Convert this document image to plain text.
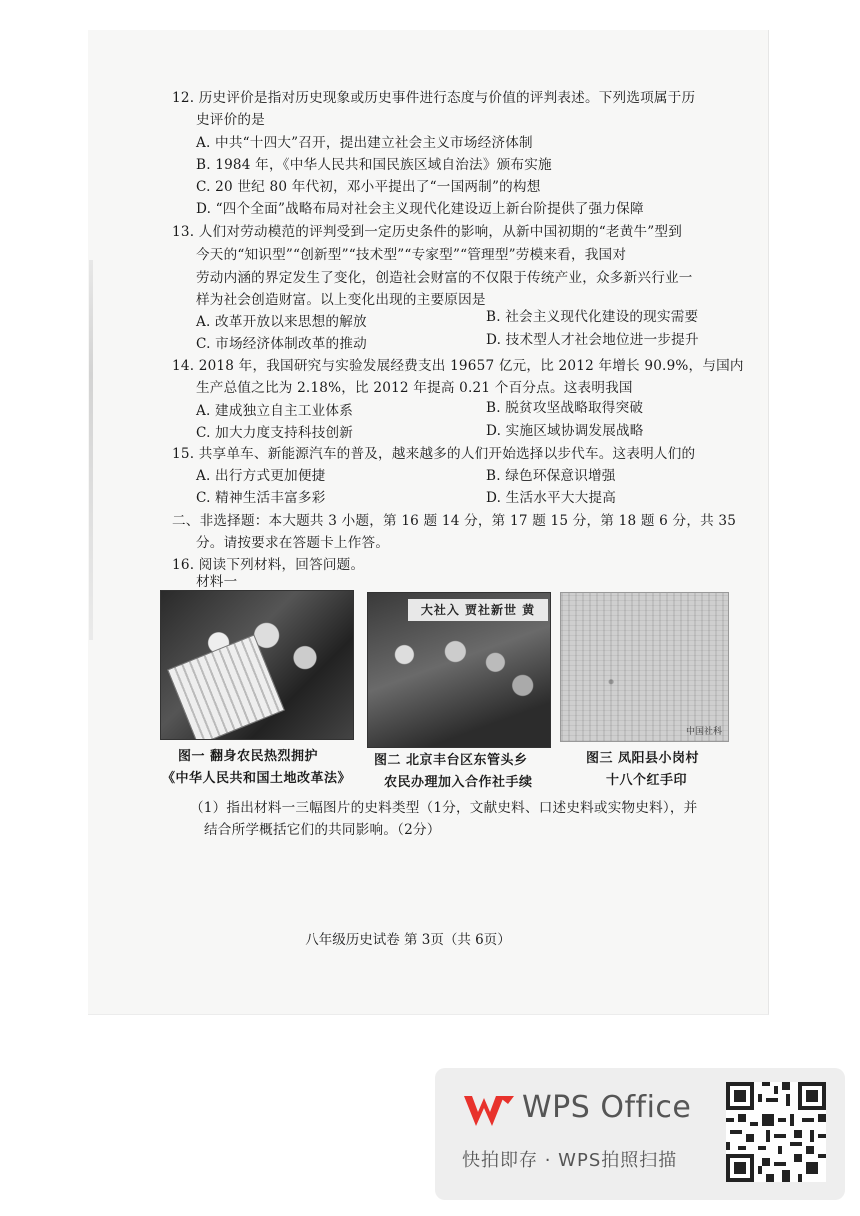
12. 历史评价是指对历史现象或历史事件进行态度与价值的评判表述。下列选项属于历
史评价的是
A. 中共“十四大”召开，提出建立社会主义市场经济体制
B. 1984 年，《中华人民共和国民族区域自治法》颁布实施
C. 20 世纪 80 年代初，邓小平提出了“一国两制”的构想
D. “四个全面”战略布局对社会主义现代化建设迈上新台阶提供了强力保障
13. 人们对劳动模范的评判受到一定历史条件的影响，从新中国初期的“老黄牛”型到
今天的“知识型”“创新型”“技术型”“专家型”“管理型”劳模来看，我国对
劳动内涵的界定发生了变化，创造社会财富的不仅限于传统产业，众多新兴行业一
样为社会创造财富。以上变化出现的主要原因是
A. 改革开放以来思想的解放	B. 社会主义现代化建设的现实需要
C. 市场经济体制改革的推动	D. 技术型人才社会地位进一步提升
14. 2018 年，我国研究与实验发展经费支出 19657 亿元，比 2012 年增长 90.9%，与国内
生产总值之比为 2.18%，比 2012 年提高 0.21 个百分点。这表明我国
A. 建成独立自主工业体系	B. 脱贫攻坚战略取得突破
C. 加大力度支持科技创新	D. 实施区域协调发展战略
15. 共享单车、新能源汽车的普及，越来越多的人们开始选择以步代车。这表明人们的
A. 出行方式更加便捷	B. 绿色环保意识增强
C. 精神生活丰富多彩	D. 生活水平大大提高
二、非选择题：本大题共 3 小题，第 16 题 14 分，第 17 题 15 分，第 18 题 6 分，共 35
分。请按要求在答题卡上作答。
16. 阅读下列材料，回答问题。
材料一
大社入 贾社新世 黄
中国社科
图一 翻身农民热烈拥护
《中华人民共和国土地改革法》
图二 北京丰台区东管头乡
农民办理加入合作社手续
图三 凤阳县小岗村
十八个红手印
（1）指出材料一三幅图片的史料类型（1分，文献史料、口述史料或实物史料），并
结合所学概括它们的共同影响。（2分）
八年级历史试卷 第 3页（共 6页）
WPS Office
快拍即存 · WPS拍照扫描
